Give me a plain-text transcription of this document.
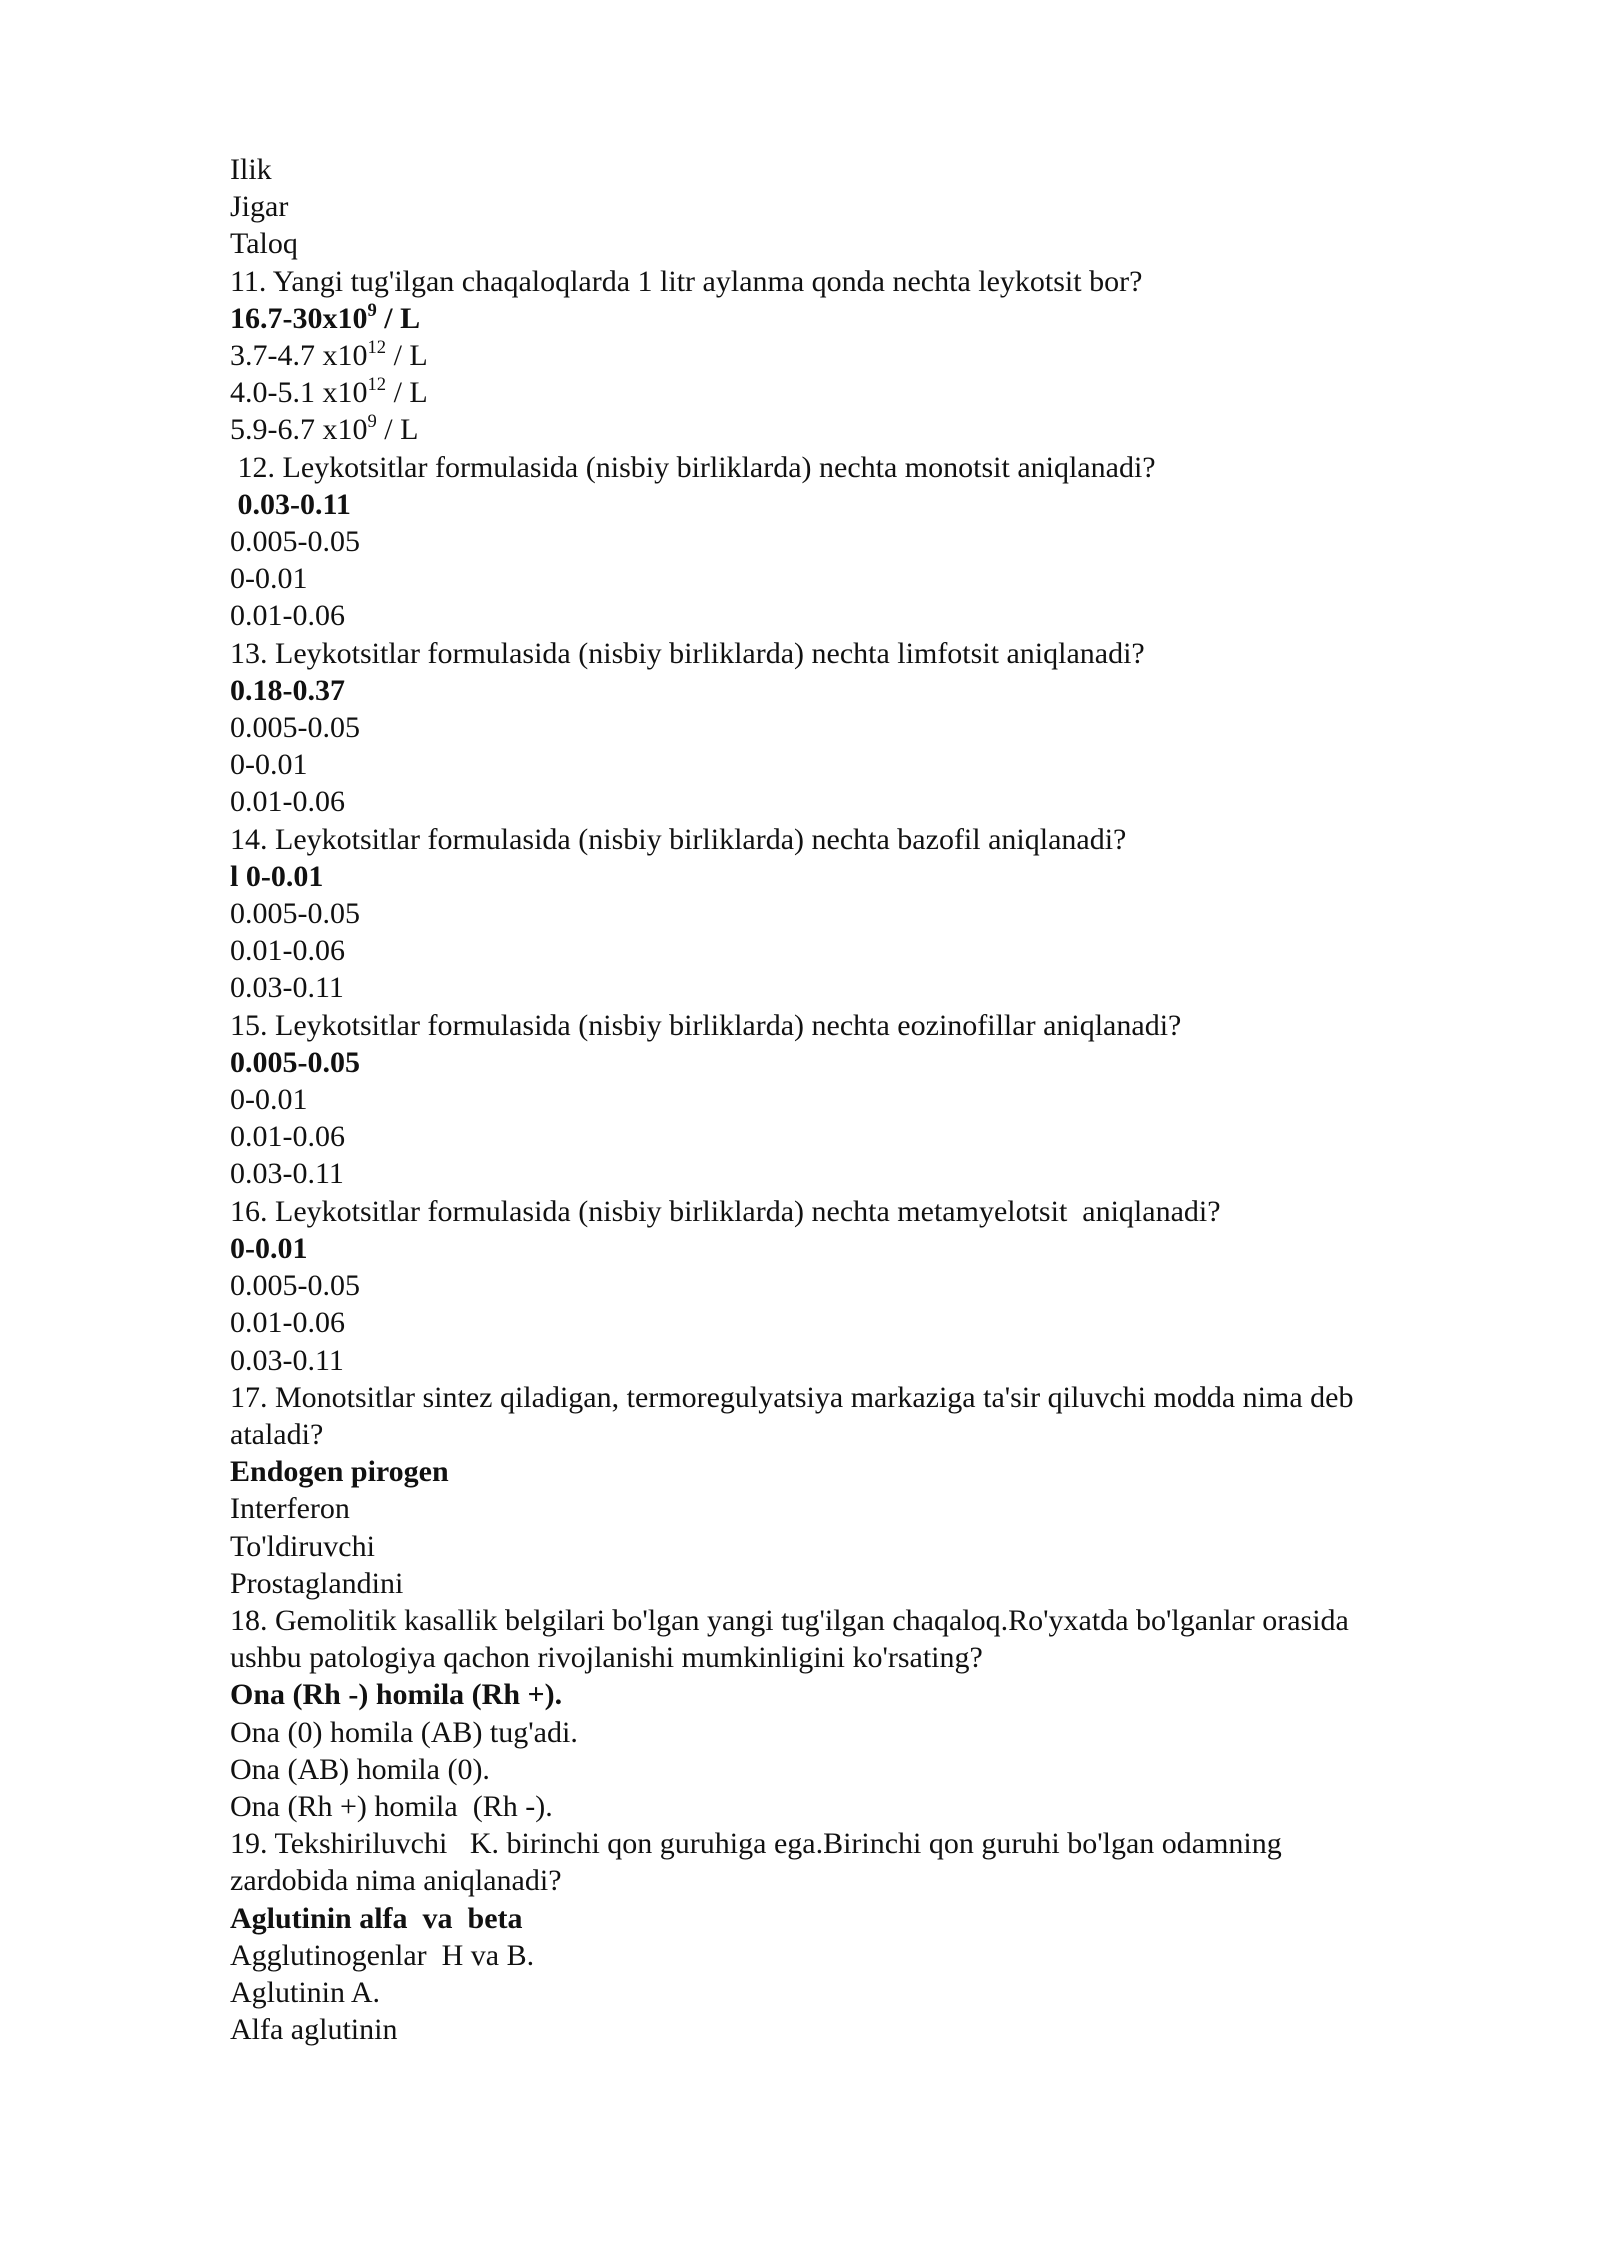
Ilik
Jigar
Taloq
11. Yangi tug'ilgan chaqaloqlarda 1 litr aylanma qonda nechta leykotsit bor?
$16.7-30x10^9$ / L
3.7-4.7 $x10^{12}$ / L
4.0-5.1 $x10^{12}$ / L
5.9-6.7 $x10^9$ / L
12. Leykotsitlar formulasida (nisbiy birliklarda) nechta monotsit aniqlanadi?
0.03-0.11
0.005-0.05
0-0.01
0.01-0.06
13. Leykotsitlar formulasida (nisbiy birliklarda) nechta limfotsit aniqlanadi?
0.18-0.37
0.005-0.05
0-0.01
0.01-0.06
14. Leykotsitlar formulasida (nisbiy birliklarda) nechta bazofil aniqlanadi?
l 0-0.01
0.005-0.05
0.01-0.06
0.03-0.11
15. Leykotsitlar formulasida (nisbiy birliklarda) nechta eozinofillar aniqlanadi?
0.005-0.05
0-0.01
0.01-0.06
0.03-0.11
16. Leykotsitlar formulasida (nisbiy birliklarda) nechta metamyelotsit  aniqlanadi?
0-0.01
0.005-0.05
0.01-0.06
0.03-0.11
17. Monotsitlar sintez qiladigan, termoregulyatsiya markaziga ta'sir qiluvchi modda nima deb
ataladi?
Endogen pirogen
Interferon
To'ldiruvchi
Prostaglandini
18. Gemolitik kasallik belgilari bo'lgan yangi tug'ilgan chaqaloq.Ro'yxatda bo'lganlar orasida
ushbu patologiya qachon rivojlanishi mumkinligini ko'rsating?
Ona (Rh -) homila (Rh +).
Ona (0) homila (AB) tug'adi.
Ona (AB) homila (0).
Ona (Rh +) homila  (Rh -).
19. Tekshiriluvchi   K. birinchi qon guruhiga ega.Birinchi qon guruhi bo'lgan odamning
zardobida nima aniqlanadi?
Aglutinin alfa  va  beta
Agglutinogenlar  H va B.
Aglutinin A.
Alfa aglutinin
